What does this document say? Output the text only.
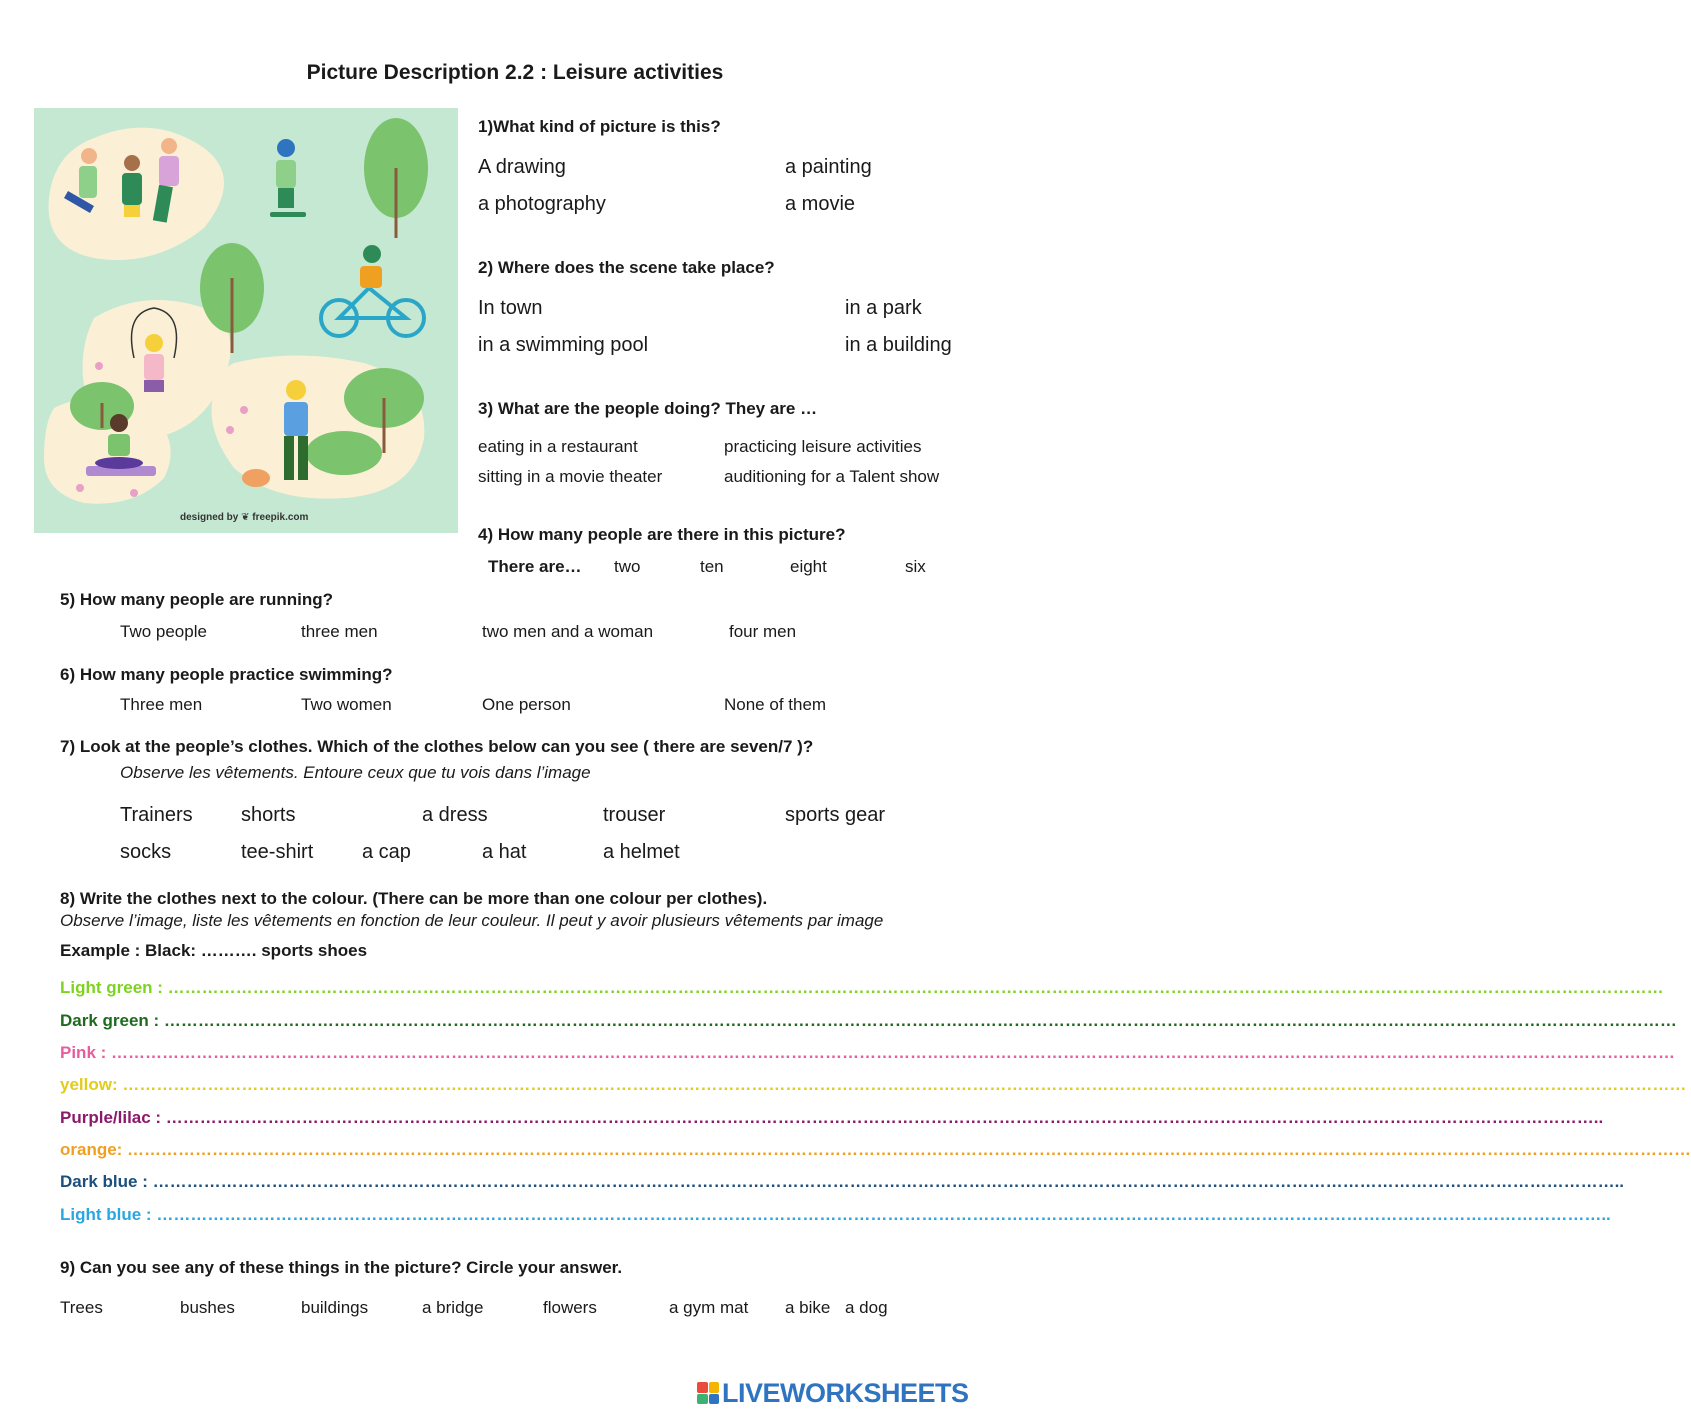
Picture Description 2.2 : Leisure activities
designed by ❦ freepik.com
1)What kind of picture is this?
A drawing	a painting
a photography	a movie
2) Where does the scene take place?
In town	in a park
in a swimming pool	in a building
3) What are the people doing? They are …
eating in a restaurant	practicing leisure activities
sitting in a movie theater	auditioning for a Talent show
4) How many people are there in this picture?
There are… two	ten	eight	six
5) How many people are running?
Two people	three men	two men and a woman	four men
6) How many people practice swimming?
Three men	Two women	One person	None of them
7) Look at the people’s clothes. Which of the clothes below can you see ( there are seven/7 )?
Observe les vêtements. Entoure ceux que tu vois dans l’image
Trainers shorts	a dress	trouser	sports gear
socks	tee-shirt a cap	a hat	a helmet
8) Write the clothes next to the colour. (There can be more than one colour per clothes).
Observe l’image, liste les vêtements en fonction de leur couleur. Il peut y avoir plusieurs vêtements par image
Example : Black: ………. sports shoes
Light green : …………………………………………………………………………………………………………………………………………………………………………………………………………………………………………
Dark green : ……………………………………………………………………………………………………………………………………………………………………………………………………………………………………………
Pink : ……………………………………………………………………………………………………………………………………………………………………………………………………………………………………………………
yellow: ……………………………………………………………………………………………………………………………………………………………………………………………………………………………………………………
Purple/lilac : ………………………………………………………………………………………………………………………………………………………………………………………………………………………………..
orange: ……………………………………………………………………………………………………………………………………………………………………………………………………………………………………………………
Dark blue : ……………………………………………………………………………………………………………………………………………………………………………………………………………………………………..
Light blue : …………………………………………………………………………………………………………………………………………………………………………………………………………………………………..
9) Can you see any of these things in the picture? Circle your answer.
Trees	bushes	buildings	a bridge	flowers	a gym mat a bike a dog
LIVEWORKSHEETS
